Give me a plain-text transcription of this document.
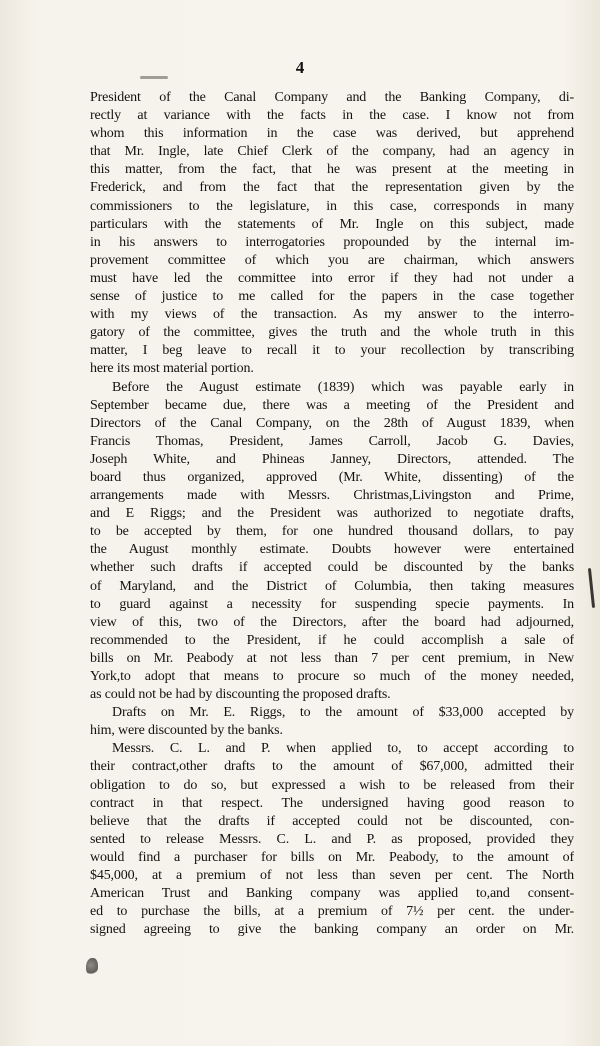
4
President of the Canal Company and the Banking Company, di-
rectly at variance with the facts in the case. I know not from
whom this information in the case was derived, but apprehend
that Mr. Ingle, late Chief Clerk of the company, had an agency in
this matter, from the fact, that he was present at the meeting in
Frederick, and from the fact that the representation given by the
commissioners to the legislature, in this case, corresponds in many
particulars with the statements of Mr. Ingle on this subject, made
in his answers to interrogatories propounded by the internal im-
provement committee of which you are chairman, which answers
must have led the committee into error if they had not under a
sense of justice to me called for the papers in the case together
with my views of the transaction. As my answer to the interro-
gatory of the committee, gives the truth and the whole truth in this
matter, I beg leave to recall it to your recollection by transcribing
here its most material portion.
Before the August estimate (1839) which was payable early in
September became due, there was a meeting of the President and
Directors of the Canal Company, on the 28th of August 1839, when
Francis Thomas, President, James Carroll, Jacob G. Davies,
Joseph White, and Phineas Janney, Directors, attended. The
board thus organized, approved (Mr. White, dissenting) of the
arrangements made with Messrs. Christmas,Livingston and Prime,
and E Riggs; and the President was authorized to negotiate drafts,
to be accepted by them, for one hundred thousand dollars, to pay
the August monthly estimate. Doubts however were entertained
whether such drafts if accepted could be discounted by the banks
of Maryland, and the District of Columbia, then taking measures
to guard against a necessity for suspending specie payments. In
view of this, two of the Directors, after the board had adjourned,
recommended to the President, if he could accomplish a sale of
bills on Mr. Peabody at not less than 7 per cent premium, in New
York,to adopt that means to procure so much of the money needed,
as could not be had by discounting the proposed drafts.
Drafts on Mr. E. Riggs, to the amount of $33,000 accepted by
him, were discounted by the banks.
Messrs. C. L. and P. when applied to, to accept according to
their contract,other drafts to the amount of $67,000, admitted their
obligation to do so, but expressed a wish to be released from their
contract in that respect. The undersigned having good reason to
believe that the drafts if accepted could not be discounted, con-
sented to release Messrs. C. L. and P. as proposed, provided they
would find a purchaser for bills on Mr. Peabody, to the amount of
$45,000, at a premium of not less than seven per cent. The North
American Trust and Banking company was applied to,and consent-
ed to purchase the bills, at a premium of 7½ per cent. the under-
signed agreeing to give the banking company an order on Mr.
